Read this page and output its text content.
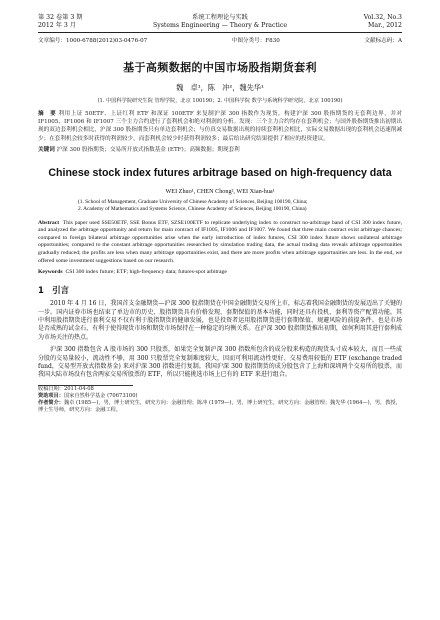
第 32 卷第 3 期	系统工程理论与实践	Vol.32, No.3
2012 年 3 月	Systems Engineering — Theory & Practice	Mar., 2012
文章编号：1000-6788(2012)03-0476-07	中图分类号：F830	文献标志码：A
基于高频数据的中国市场股指期货套利
魏　卓¹，陈　冲²，魏先华¹
(1. 中国科学院研究生院 管理学院，北京 100190；2. 中国科学院 数学与系统科学研究院，北京 100190)
摘　要 利用上证 50ETF、上证红利 ETF 和深证 100ETF 来复制沪深 300 指数作为现货，构建沪深 300 股指期货的无套利边界，并对 IF1005、IF1006 和 IF1007 三个主力合约进行了套利机会和绝对利润的分析。发现：三个主力合约均存在套利机会；与国外股指期货推出初期出现的双边套利机会相比，沪深 300 股指期货只有单边套利机会；与仿真交易数据出现的持续套利机会相比，实际交易数据出现的套利机会迅速削减少；在套利机会较多时获得的利润较少，而套利机会较少时获得利润较多；最后给出研究结果提供了相应的投资建议。
关键词 沪深 300 股指期货；交易所开放式指数基金 (ETF)；高频数据；期现套利
Chinese stock index futures arbitrage based on high-frequency data
WEI Zhuo¹, CHEN Chong², WEI Xian-hua¹
(1. School of Management, Graduate University of Chinese Academy of Sciences, Beijing 100190, China;
2. Academy of Mathematics and Systems Science, Chinese Academy of Sciences, Beijing 100190, China)
Abstract This paper used SSE50ETF, SSE Bonus ETF, SZSE100ETF to replicate underlying index to construct no-arbitrage band of CSI 300 index future, and analyzed the arbitrage opportunity and return for main contract of IF1005, IF1006 and IF1007. We found that three main contract exist arbitrage chances; compared to foreign bilateral arbitrage opportunities arise when the early introduction of index futures, CSI 300 index future shows unilateral arbitrage opportunities; compared to the constant arbitrage opportunities researched by simulation trading data, the actual trading data reveals arbitrage opportunities gradually reduced; the profits are less when many arbitrage opportunities exist, and there are more profits when arbitrage opportunities are less. In the end, we offered some investment suggestions based on our research.
Keywords CSI 300 index future; ETF; high-frequency data; futures-spot arbitrage
1　引言
2010 年 4 月 16 日，我国首支金融期货—沪深 300 股指期货在中国金融期货交易所上市，标志着我国金融期货的发展迈出了关键的一步。国内证券市场也结束了单边市的历史，股指期货具有价格发现、套期保值的基本功能，同时还具有投机、套利等资产配置功能。其中利用股指期货进行套利交易不仅有利于股指期货的健康发展，也是投资者运用股指期货进行套期保值、规避风险的前提条件。也是市场是否成熟的试金石，有利于使得现货市场和期货市场保持在一种稳定的均衡关系。在沪深 300 股指期货推出初期，如何利用其进行套利成为市场关注的热点。
沪深 300 指数包含 A 股市场的 300 只股票，如果完全复制沪深 300 指数所包含的成分股来构造的现货头寸成本较大，而且一些成分股的交易量较小，流动性不够，用 300 只股票完全复制难度较大，因而可利用流动性更好、交易费用较低的 ETF (exchange traded fund，交易型开放式指数基金) 来对沪深 300 指数进行复制。我国沪深 300 股指期货的成分股包含了上海和深圳两个交易所的股票，而我国大陆市场没有包含两家交易所股票的 ETF，所以只能挑选市场上已有的 ETF 来进行组合。
收稿日期：2011-04-08
资助项目：国家自然科学基金 (70673100)
作者简介：魏卓 (1985—)，男，博士研究生，研究方向：金融管理；陈冲 (1979—)，男，博士研究生，研究方向：金融管理；魏先华 (1964—)，男，教授，博士生导师，研究方向：金融工程。
